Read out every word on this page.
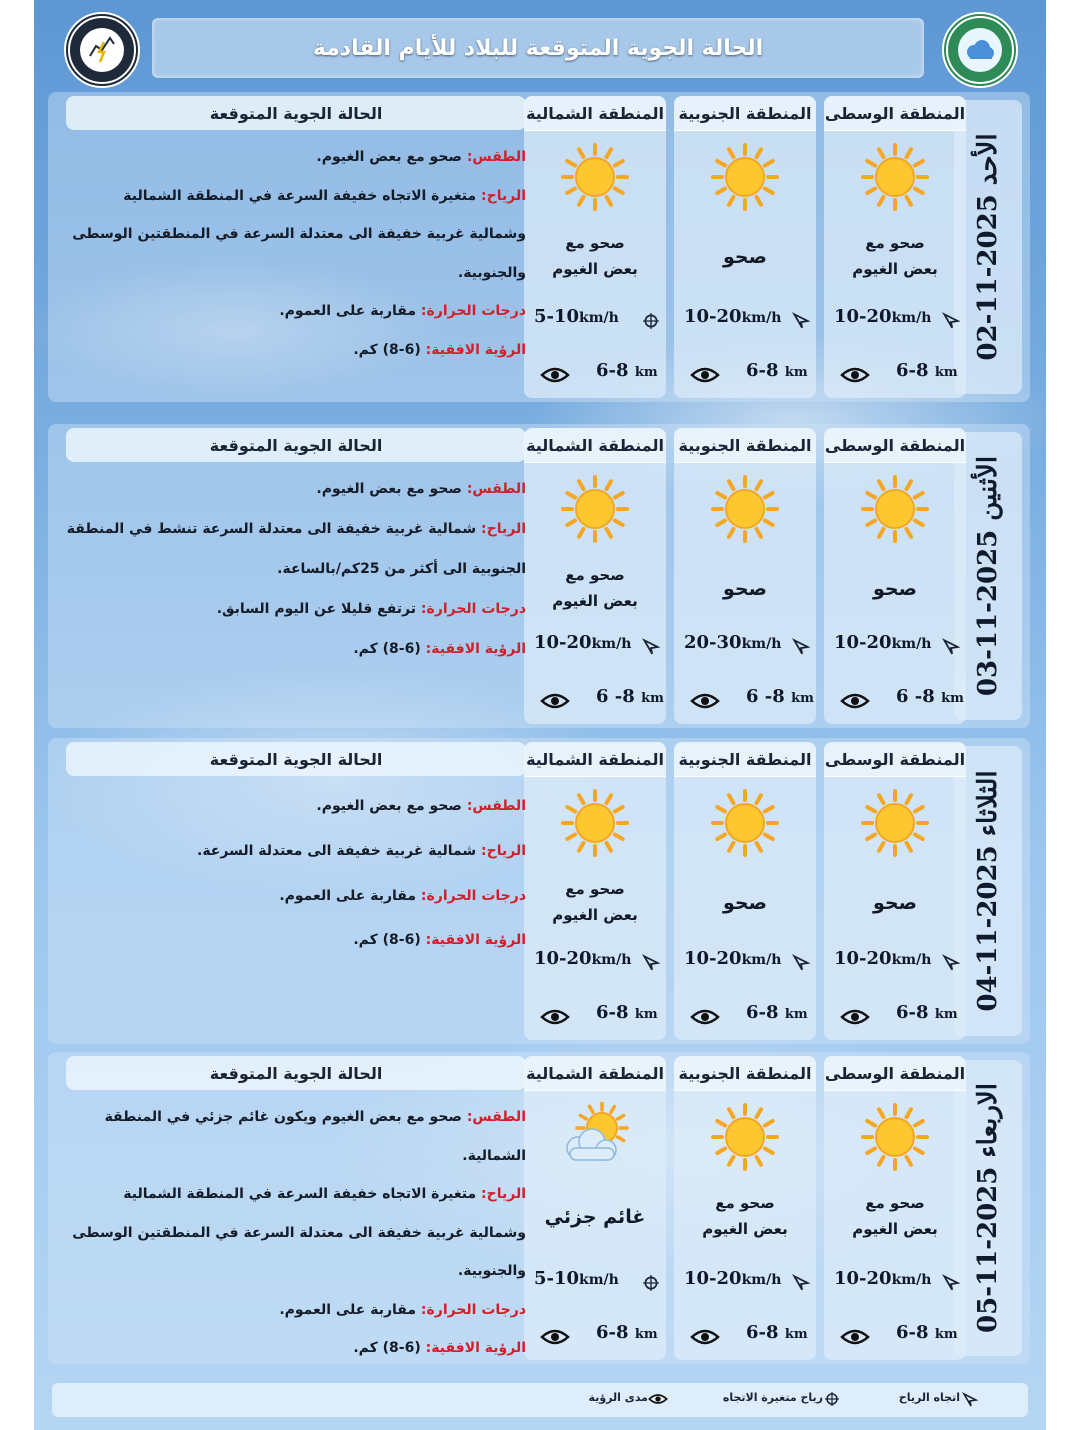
الحالة الجوية المتوقعة للبلاد للأيام القادمة
الأحد 2025-11-02
المنطقة الوسطى
صحو مع بعض الغيوم
10-20km/h
6-8 km
المنطقة الجنوبية
صحو
10-20km/h
6-8 km
المنطقة الشمالية
صحو مع بعض الغيوم
5-10km/h
6-8 km
الحالة الجوية المتوقعة

الطقس: صحو مع بعض الغيوم.

الرياح: متغيرة الاتجاه خفيفة السرعة في المنطقة الشمالية وشمالية غربية خفيفة الى معتدلة السرعة في المنطقتين الوسطى والجنوبية.

درجات الحرارة: مقاربة على العموم.

الرؤية الافقية: (6-8) كم.

الأثنين 2025-11-03
المنطقة الوسطى
صحو
10-20km/h
6 -8 km
المنطقة الجنوبية
صحو
20-30km/h
6 -8 km
المنطقة الشمالية
صحو مع بعض الغيوم
10-20km/h
6 -8 km
الحالة الجوية المتوقعة

الطقس: صحو مع بعض الغيوم.

الرياح: شمالية غربية خفيفة الى معتدلة السرعة تنشط في المنطقة الجنوبية الى أكثر من 25كم/بالساعة.

درجات الحرارة: ترتفع قليلا عن اليوم السابق.

الرؤية الافقية: (6-8) كم.

الثلاثاء 2025-11-04
المنطقة الوسطى
صحو
10-20km/h
6-8 km
المنطقة الجنوبية
صحو
10-20km/h
6-8 km
المنطقة الشمالية
صحو مع بعض الغيوم
10-20km/h
6-8 km
الحالة الجوية المتوقعة

الطقس: صحو مع بعض الغيوم.

الرياح: شمالية غربية خفيفة الى معتدلة السرعة.

درجات الحرارة: مقاربة على العموم.

الرؤية الافقية: (6-8) كم.

الاربعاء 2025-11-05
المنطقة الوسطى
صحو مع بعض الغيوم
10-20km/h
6-8 km
المنطقة الجنوبية
صحو مع بعض الغيوم
10-20km/h
6-8 km
المنطقة الشمالية
غائم جزئي
5-10km/h
6-8 km
الحالة الجوية المتوقعة

الطقس: صحو مع بعض الغيوم ويكون غائم جزئي في المنطقة الشمالية.

الرياح: متغيرة الاتجاه خفيفة السرعة في المنطقة الشمالية وشمالية غربية خفيفة الى معتدلة السرعة في المنطقتين الوسطى والجنوبية.

درجات الحرارة: مقاربة على العموم.

الرؤية الافقية: (6-8) كم.

اتجاه الرياح
رياح متغيرة الاتجاه
مدى الرؤية
